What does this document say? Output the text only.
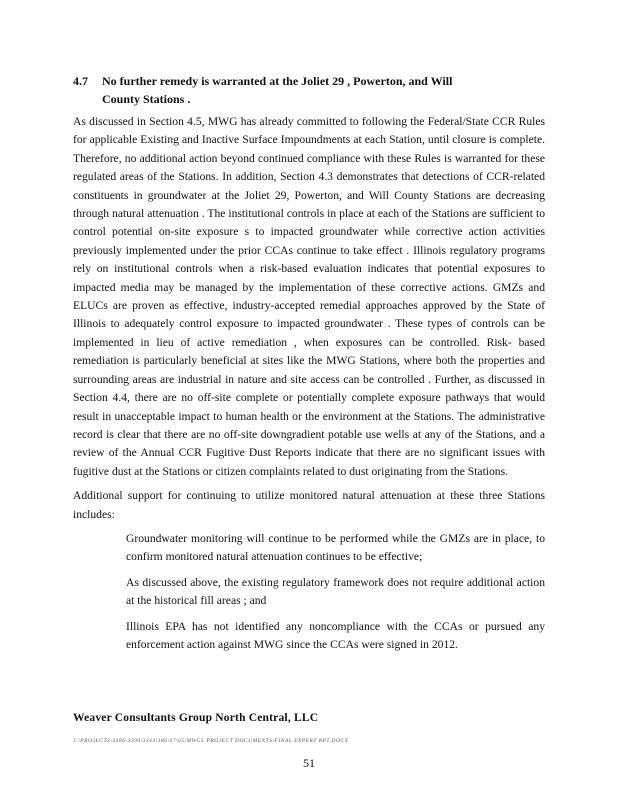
4.7 No further remedy is warranted at the Joliet 29 , Powerton, and Will
County Stations .

As discussed in Section 4.5, MWG has already committed to following the Federal/State CCR Rules for applicable Existing and Inactive Surface Impoundments at each Station, until closure is complete. Therefore, no additional action beyond continued compliance with these Rules is warranted for these regulated areas of the Stations. In addition, Section 4.3 demonstrates that detections of CCR-related constituents in groundwater at the Joliet 29, Powerton, and Will County Stations are decreasing through natural attenuation . The institutional controls in place at each of the Stations are sufficient to control potential on-site exposure s to impacted groundwater while corrective action activities previously implemented under the prior CCAs continue to take effect . Illinois regulatory programs rely on institutional controls when a risk-based evaluation indicates that potential exposures to impacted media may be managed by the implementation of these corrective actions. GMZs and ELUCs are proven as effective, industry-accepted remedial approaches approved by the State of Illinois to adequately control exposure to impacted groundwater . These types of controls can be implemented in lieu of active remediation , when exposures can be controlled. Risk- based remediation is particularly beneficial at sites like the MWG Stations, where both the properties and surrounding areas are industrial in nature and site access can be controlled . Further, as discussed in Section 4.4, there are no off-site complete or potentially complete exposure pathways that would result in unacceptable impact to human health or the environment at the Stations. The administrative record is clear that there are no off-site downgradient potable use wells at any of the Stations, and a review of the Annual CCR Fugitive Dust Reports indicate that there are no significant issues with fugitive dust at the Stations or citizen complaints related to dust originating from the Stations.

Additional support for continuing to utilize monitored natural attenuation at these three Stations includes:

Groundwater monitoring will continue to be performed while the GMZs are in place, to confirm monitored natural attenuation continues to be effective;
As discussed above, the existing regulatory framework does not require additional action at the historical fill areas ; and
Illinois EPA has not identified any noncompliance with the CCAs or pursued any enforcement action against MWG since the CCAs were signed in 2012.
Weaver Consultants Group North Central, LLC
J:\PROJECTS\3386-3390\3344\386\07\05\MWGL PROJECT DOCUMENTS\FINAL EXPERT RPT.DOCX
51
